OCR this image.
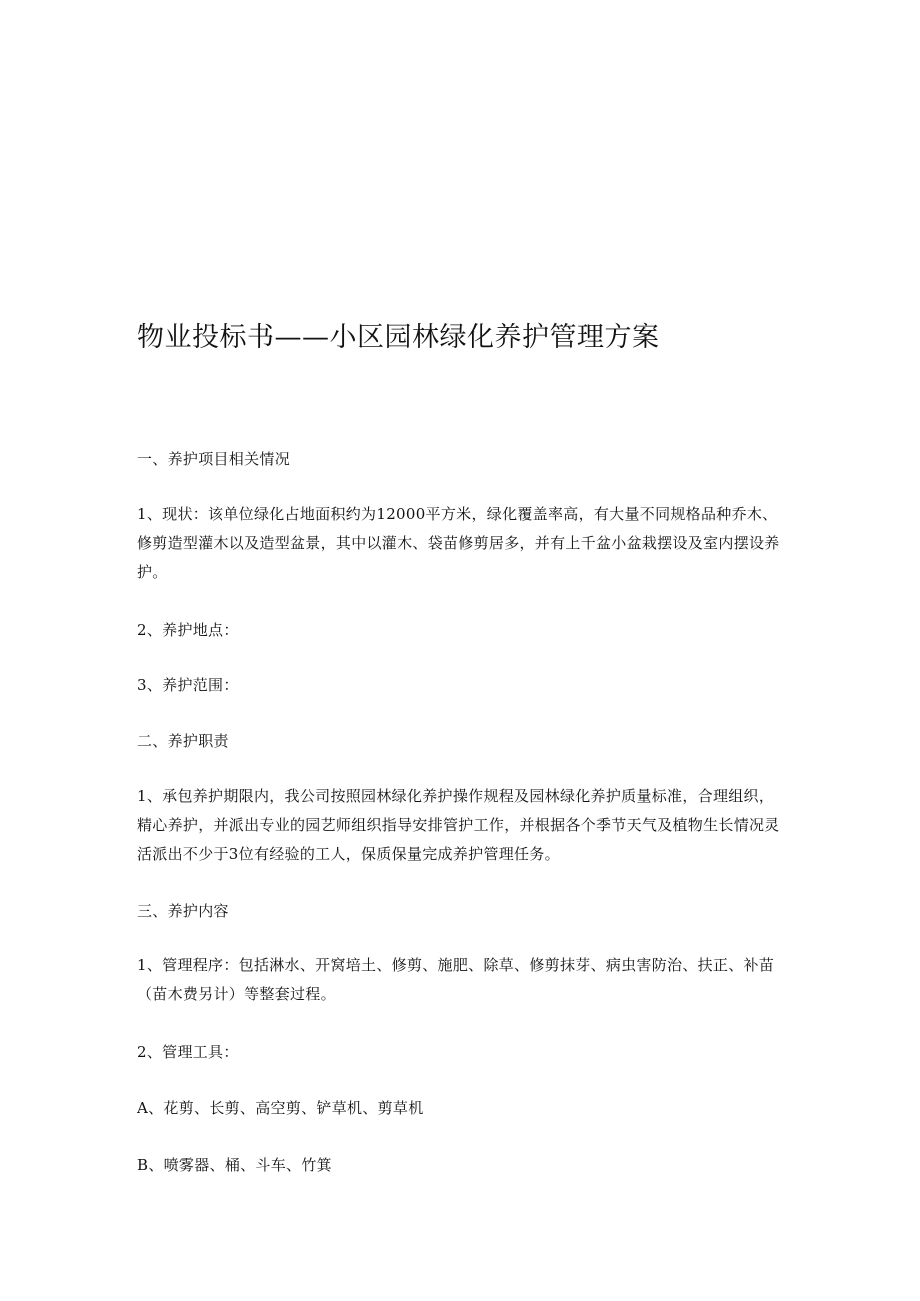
物业投标书——小区园林绿化养护管理方案

一、养护项目相关情况

1、现状：该单位绿化占地面积约为12000平方米，绿化覆盖率高，有大量不同规格品种乔木、修剪造型灌木以及造型盆景，其中以灌木、袋苗修剪居多，并有上千盆小盆栽摆设及室内摆设养护。

2、养护地点：

3、养护范围：

二、养护职责

1、承包养护期限内，我公司按照园林绿化养护操作规程及园林绿化养护质量标准，合理组织，精心养护，并派出专业的园艺师组织指导安排管护工作，并根据各个季节天气及植物生长情况灵活派出不少于3位有经验的工人，保质保量完成养护管理任务。

三、养护内容

1、管理程序：包括淋水、开窝培土、修剪、施肥、除草、修剪抹芽、病虫害防治、扶正、补苗（苗木费另计）等整套过程。

2、管理工具：

A、花剪、长剪、高空剪、铲草机、剪草机

B、喷雾器、桶、斗车、竹箕
